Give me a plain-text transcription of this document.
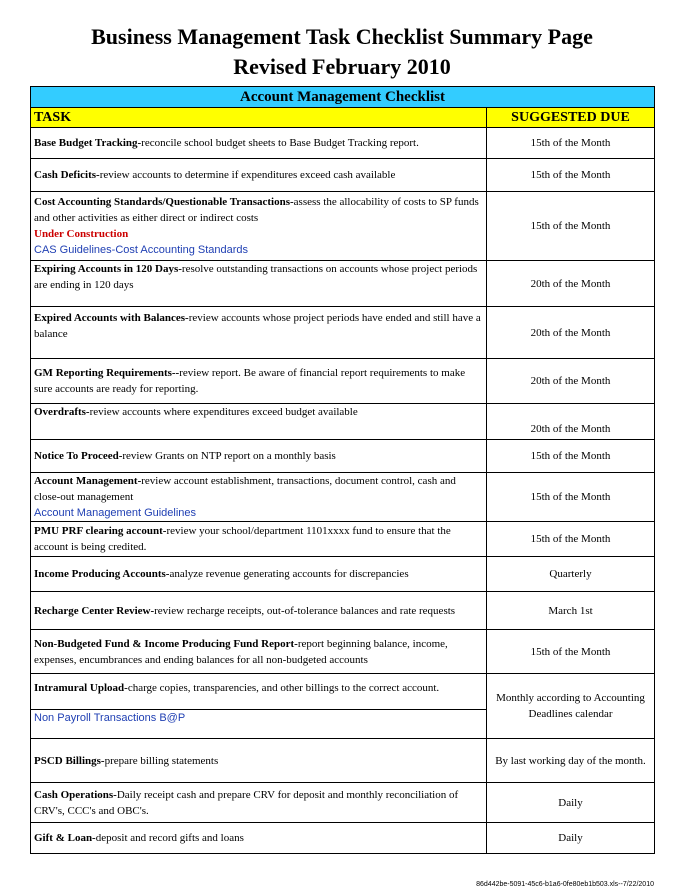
Business Management Task Checklist Summary Page
Revised February 2010
Account Management Checklist	
TASK	SUGGESTED DUE
Base Budget Tracking-reconcile school budget sheets to Base Budget Tracking report.	15th of the Month
Cash Deficits-review accounts to determine if expenditures exceed cash available	15th of the Month
Cost Accounting Standards/Questionable Transactions-assess the allocability of costs to SP funds and other activities as either direct or indirect costs
Under Construction
CAS Guidelines-Cost Accounting Standards	15th of the Month
Expiring Accounts in 120 Days-resolve outstanding transactions on accounts whose project periods are ending in 120 days	20th of the Month
Expired Accounts with Balances-review accounts whose project periods have ended and still have a balance	20th of the Month
GM Reporting Requirements--review report. Be aware of financial report requirements to make sure accounts are ready for reporting.	20th of the Month
Overdrafts-review accounts where expenditures exceed budget available	20th of the Month
Notice To Proceed-review Grants on NTP report on a monthly basis	15th of the Month
Account Management-review account establishment, transactions, document control, cash and close-out management
Account Management Guidelines	15th of the Month
PMU PRF clearing account-review your school/department 1101xxxx fund to ensure that the account is being credited.	15th of the Month
Income Producing Accounts-analyze revenue generating accounts for discrepancies	Quarterly
Recharge Center Review-review recharge receipts, out-of-tolerance balances and rate requests	March 1st
Non-Budgeted Fund & Income Producing Fund Report-report beginning balance, income, expenses, encumbrances and ending balances for all non-budgeted accounts	15th of the Month
Intramural Upload-charge copies, transparencies, and other billings to the correct account.
Non Payroll Transactions B@P	Monthly according to Accounting Deadlines calendar
PSCD Billings-prepare billing statements	By last working day of the month.
Cash Operations-Daily receipt cash and prepare CRV for deposit and monthly reconciliation of CRV's, CCC's and OBC's.	Daily
Gift & Loan-deposit and record gifts and loans	Daily
86d442be-5091-45c6-b1a6-0fe80eb1b503.xls--7/22/2010
